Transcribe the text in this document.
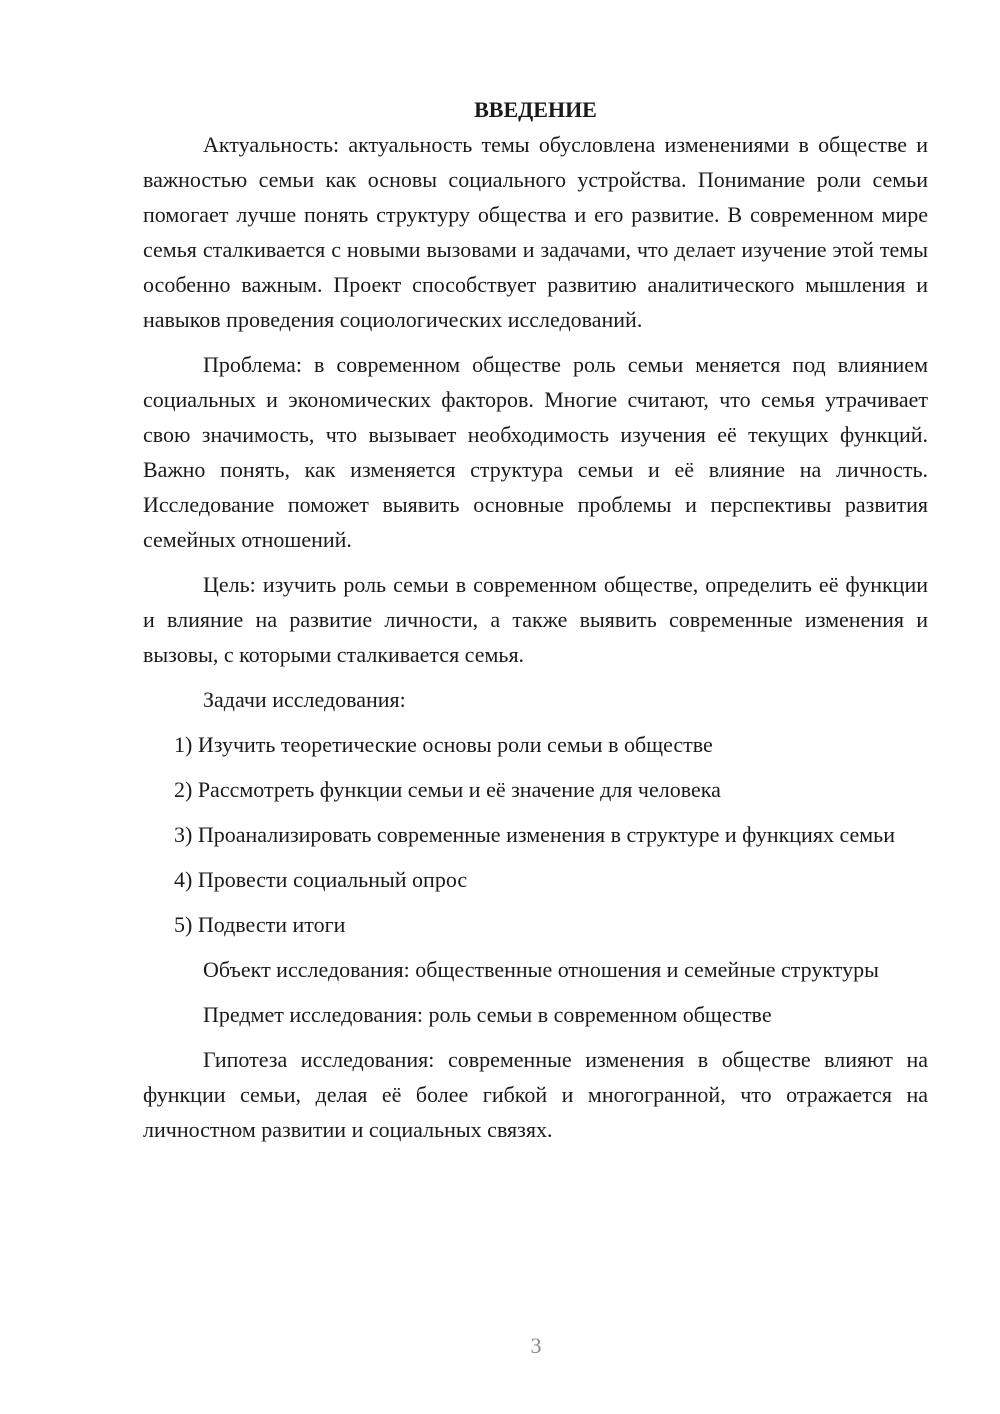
ВВЕДЕНИЕ

Актуальность: актуальность темы обусловлена изменениями в обществе и важностью семьи как основы социального устройства. Понимание роли семьи помогает лучше понять структуру общества и его развитие. В современном мире семья сталкивается с новыми вызовами и задачами, что делает изучение этой темы особенно важным. Проект способствует развитию аналитического мышления и навыков проведения социологических исследований.

Проблема: в современном обществе роль семьи меняется под влиянием социальных и экономических факторов. Многие считают, что семья утрачивает свою значимость, что вызывает необходимость изучения её текущих функций. Важно понять, как изменяется структура семьи и её влияние на личность. Исследование поможет выявить основные проблемы и перспективы развития семейных отношений.

Цель: изучить роль семьи в современном обществе, определить её функции и влияние на развитие личности, а также выявить современные изменения и вызовы, с которыми сталкивается семья.

Задачи исследования:

1) Изучить теоретические основы роли семьи в обществе

2) Рассмотреть функции семьи и её значение для человека

3) Проанализировать современные изменения в структуре и функциях семьи

4) Провести социальный опрос

5) Подвести итоги

Объект исследования: общественные отношения и семейные структуры

Предмет исследования: роль семьи в современном обществе

Гипотеза исследования: современные изменения в обществе влияют на функции семьи, делая её более гибкой и многогранной, что отражается на личностном развитии и социальных связях.

3
